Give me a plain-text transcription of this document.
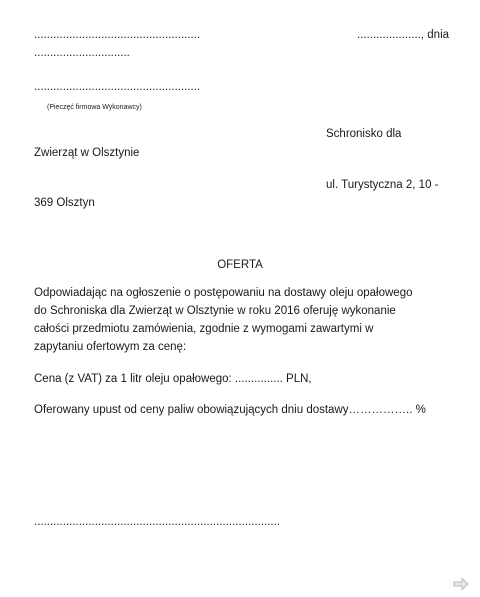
....................................................	...................., dnia
..............................
....................................................
(Pieczęć firmowa Wykonawcy)
Schronisko dla
Zwierząt w Olsztynie
ul. Turystyczna 2, 10 -
369 Olsztyn
OFERTA
Odpowiadając na ogłoszenie o postępowaniu na dostawy oleju opałowego
do Schroniska dla Zwierząt w Olsztynie w roku 2016 oferuję wykonanie
całości przedmiotu zamówienia, zgodnie z wymogami zawartymi w
zapytaniu ofertowym za cenę:
Cena (z VAT) za 1 litr oleju opałowego: ............... PLN,
Oferowany upust od ceny paliw obowiązujących dniu dostawy…………….. %
.............................................................................
